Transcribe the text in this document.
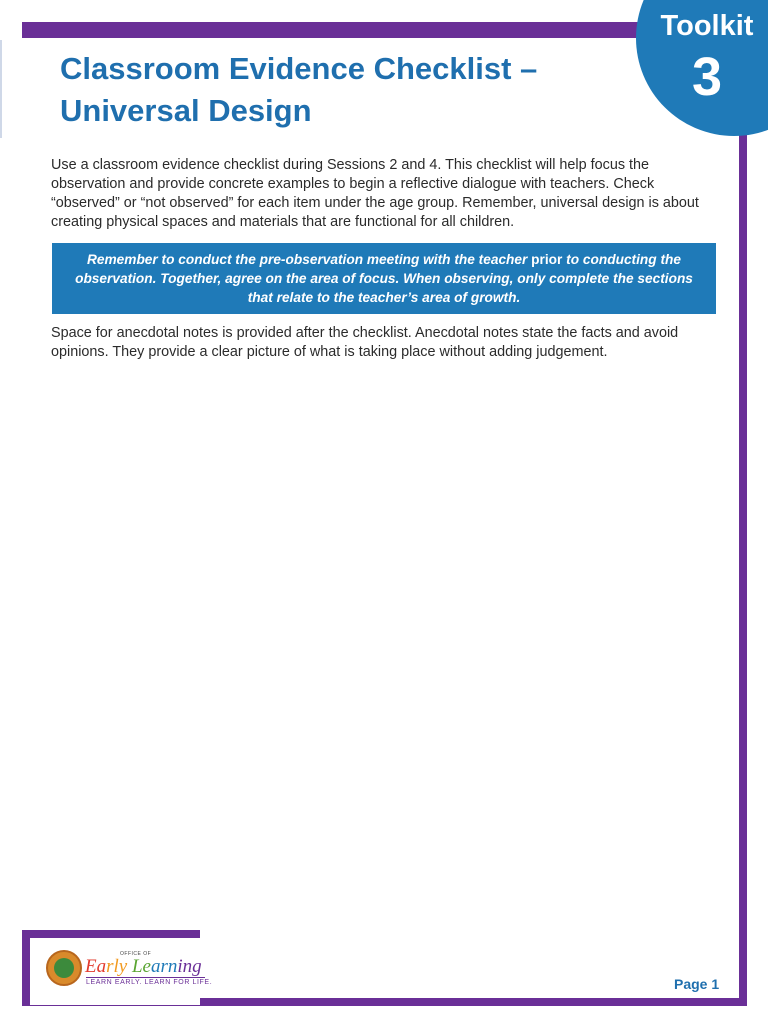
Toolkit
3
Classroom Evidence Checklist – Universal Design

Use a classroom evidence checklist during Sessions 2 and 4. This checklist will help focus the observation and provide concrete examples to begin a reflective dialogue with teachers. Check “observed” or “not observed” for each item under the age group. Remember, universal design is about creating physical spaces and materials that are functional for all children.

Remember to conduct the pre-observation meeting with the teacher prior to conducting the observation. Together, agree on the area of focus. When observing, only complete the sections that relate to the teacher’s area of growth.

Space for anecdotal notes is provided after the checklist. Anecdotal notes state the facts and avoid opinions. They provide a clear picture of what is taking place without adding judgement.

OFFICE OF
Early Learning
LEARN EARLY. LEARN FOR LIFE.	Page 1
